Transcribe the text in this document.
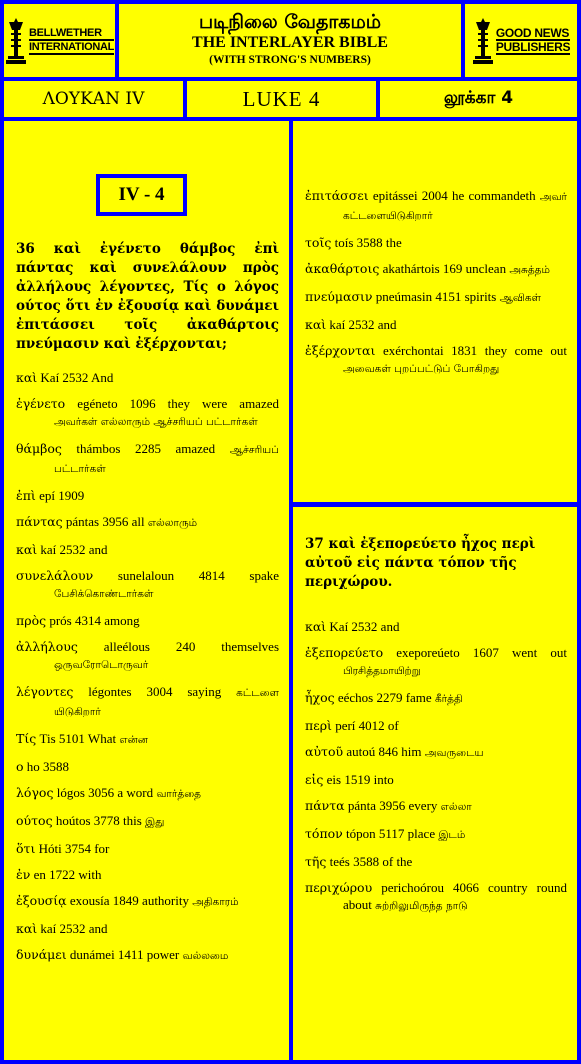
BELLWETHER
INTERNATIONAL
படிநிலை வேதாகமம்
THE INTERLAYER BIBLE
(WITH STRONG'S NUMBERS)
GOOD NEWS
PUBLISHERS
ΛΟΥΚΑΝ IV	LUKE 4	லூக்கா 4
36 καὶ ἐγένετο θάμβος ἐπὶ πάντας καὶ συνελάλουν πρὸς ἀλλήλους λέγοντες, Τίς ο λόγος ούτος ὅτι ἐν ἐξουσίᾳ καὶ δυνάμει ἐπιτάσσει τοῖς ἀκαθάρτοις πνεύμασιν καὶ ἐξέρχονται;
καὶ Kaí 2532 And
ἐγένετο egéneto 1096 they were amazed அவர்கள் எல்லாரும் ஆச்சரியப் பட்டார்கள்
θάμβος thámbos 2285 amazed ஆச்சரியப் பட்டார்கள்
ἐπὶ epí 1909
πάντας pántas 3956 all எல்லாரும்
καὶ kaí 2532 and
συνελάλουν sunelaloun 4814 spake பேசிக்கொண்டார்கள்
πρὸς prós 4314 among
ἀλλήλους alleélous 240 themselves ஒருவரோடொருவர்
λέγοντες légontes 3004 saying கட்டளை யிடுகிறார்
Τίς Tis 5101 What என்ன
ο ho 3588
λόγος lógos 3056 a word வார்த்தை
ούτος hoútos 3778 this இது
ὅτι Hóti 3754 for
ἐν en 1722 with
ἐξουσίᾳ exousía 1849 authority அதிகாரம்
καὶ kaí 2532 and
δυνάμει dunámei 1411 power வல்லமை
IV - 4	ἐπιτάσσει epitássei 2004 he commandeth அவர் கட்டளையிடுகிறார்
τοῖς toís 3588 the
ἀκαθάρτοις akathártois 169 unclean அசுத்தம்
πνεύμασιν pneúmasin 4151 spirits ஆவிகள்
καὶ kaí 2532 and
ἐξέρχονται exérchontai 1831 they come out அவைகள் புறப்பட்டுப் போகிறது
37 καὶ ἐξεπορεύετο ἦχος περὶ αὐτοῦ εἰς πάντα τόπον τῆς περιχώρου.
καὶ Kaí 2532 and
ἐξεπορεύετο exeporeúeto 1607 went out பிரசித்தமாயிற்று
ἦχος eéchos 2279 fame கீர்த்தி
περὶ perí 4012 of
αὐτοῦ autoú 846 him அவருடைய
εἰς eis 1519 into
πάντα pánta 3956 every எல்லா
τόπον tópon 5117 place இடம்
τῆς teés 3588 of the
περιχώρου perichoórou 4066 country round about சுற்றிலுமிருந்த நாடு
